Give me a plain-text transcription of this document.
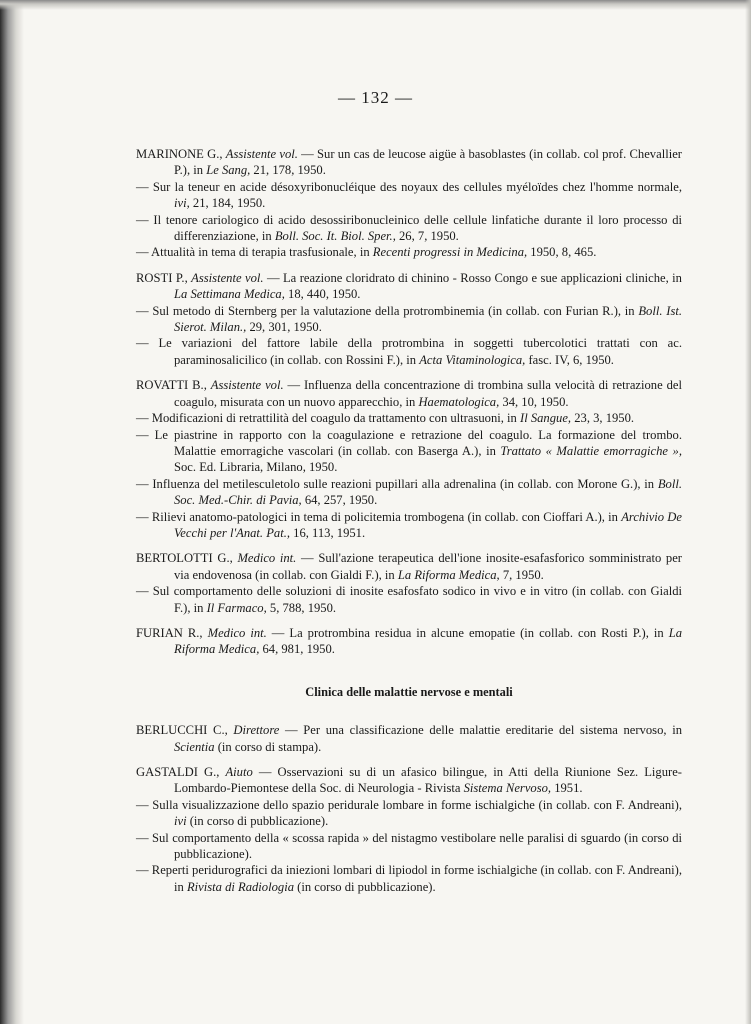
— 132 —

MARINONE G., Assistente vol. — Sur un cas de leucose aigüe à basoblastes (in collab. col prof. Chevallier P.), in Le Sang, 21, 178, 1950.

— Sur la teneur en acide désoxyribonucléique des noyaux des cellules myéloïdes chez l'homme normale, ivi, 21, 184, 1950.

— Il tenore cariologico di acido desossiribonucleinico delle cellule linfatiche durante il loro processo di differenziazione, in Boll. Soc. It. Biol. Sper., 26, 7, 1950.

— Attualità in tema di terapia trasfusionale, in Recenti progressi in Medicina, 1950, 8, 465.

ROSTI P., Assistente vol. — La reazione cloridrato di chinino - Rosso Congo e sue applicazioni cliniche, in La Settimana Medica, 18, 440, 1950.

— Sul metodo di Sternberg per la valutazione della protrombinemia (in collab. con Furian R.), in Boll. Ist. Sierot. Milan., 29, 301, 1950.

— Le variazioni del fattore labile della protrombina in soggetti tubercolotici trattati con ac. paraminosalicilico (in collab. con Rossini F.), in Acta Vitaminologica, fasc. IV, 6, 1950.

ROVATTI B., Assistente vol. — Influenza della concentrazione di trombina sulla velocità di retrazione del coagulo, misurata con un nuovo apparecchio, in Haematologica, 34, 10, 1950.

— Modificazioni di retrattilità del coagulo da trattamento con ultrasuoni, in Il Sangue, 23, 3, 1950.

— Le piastrine in rapporto con la coagulazione e retrazione del coagulo. La formazione del trombo. Malattie emorragiche vascolari (in collab. con Baserga A.), in Trattato « Malattie emorragiche », Soc. Ed. Libraria, Milano, 1950.

— Influenza del metilesculetolo sulle reazioni pupillari alla adrenalina (in collab. con Morone G.), in Boll. Soc. Med.-Chir. di Pavia, 64, 257, 1950.

— Rilievi anatomo-patologici in tema di policitemia trombogena (in collab. con Cioffari A.), in Archivio De Vecchi per l'Anat. Pat., 16, 113, 1951.

BERTOLOTTI G., Medico int. — Sull'azione terapeutica dell'ione inosite-esafasforico somministrato per via endovenosa (in collab. con Gialdi F.), in La Riforma Medica, 7, 1950.

— Sul comportamento delle soluzioni di inosite esafosfato sodico in vivo e in vitro (in collab. con Gialdi F.), in Il Farmaco, 5, 788, 1950.

FURIAN R., Medico int. — La protrombina residua in alcune emopatie (in collab. con Rosti P.), in La Riforma Medica, 64, 981, 1950.

Clinica delle malattie nervose e mentali

BERLUCCHI C., Direttore — Per una classificazione delle malattie ereditarie del sistema nervoso, in Scientia (in corso di stampa).

GASTALDI G., Aiuto — Osservazioni su di un afasico bilingue, in Atti della Riunione Sez. Ligure-Lombardo-Piemontese della Soc. di Neurologia - Rivista Sistema Nervoso, 1951.

— Sulla visualizzazione dello spazio peridurale lombare in forme ischialgiche (in collab. con F. Andreani), ivi (in corso di pubblicazione).

— Sul comportamento della « scossa rapida » del nistagmo vestibolare nelle paralisi di sguardo (in corso di pubblicazione).

— Reperti peridurografici da iniezioni lombari di lipiodol in forme ischialgiche (in collab. con F. Andreani), in Rivista di Radiologia (in corso di pubblicazione).
